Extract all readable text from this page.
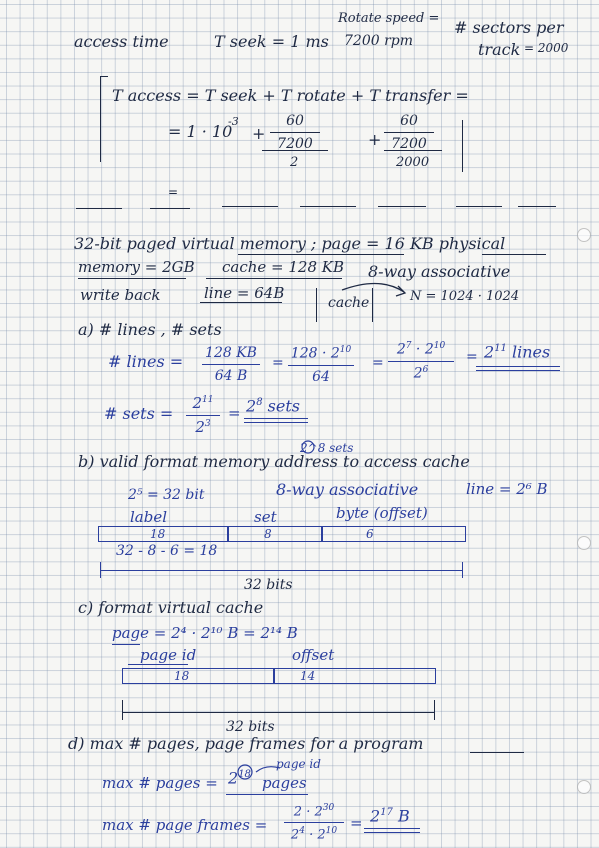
access time	T seek = 1 ms
Rotate speed =
7200 rpm
# sectors per
track = 2000
T access = T seek + T rotate + T transfer =
= 1 · 10
-3
+
60
7200
2
+
60
7200
2000
=
32-bit paged virtual memory ; page = 16 KB physical
memory = 2GB cache = 128 KB 8-way associative
write back	line = 64B
cache	N = 1024 · 1024
a) # lines , # sets
# lines = 128 KB
64 B
=
$128 \cdot 2^{10}$
64
=
$2^7 \cdot 2^{10}$
$2^6$
= $2^{11}$ lines
# sets =
$2^{11}$
$2^3$
= $2^8$ sets
2^8 sets
b) valid format memory address to access cache
2⁵ = 32 bit	8-way associative	line = 2⁶ B
label	set	byte (offset)
18	8	6
32 - 8 - 6 = 18
32 bits
c) format virtual cache
page = 2⁴ · 2¹⁰ B = 2¹⁴ B
page id	offset
18	14
32 bits
d) max # pages, page frames for a program
page id
max # pages = $2^{18}$ pages
max # page frames =
$2 \cdot 2^{30}$
$2^4 \cdot 2^{10} = 2^{17}$ B
